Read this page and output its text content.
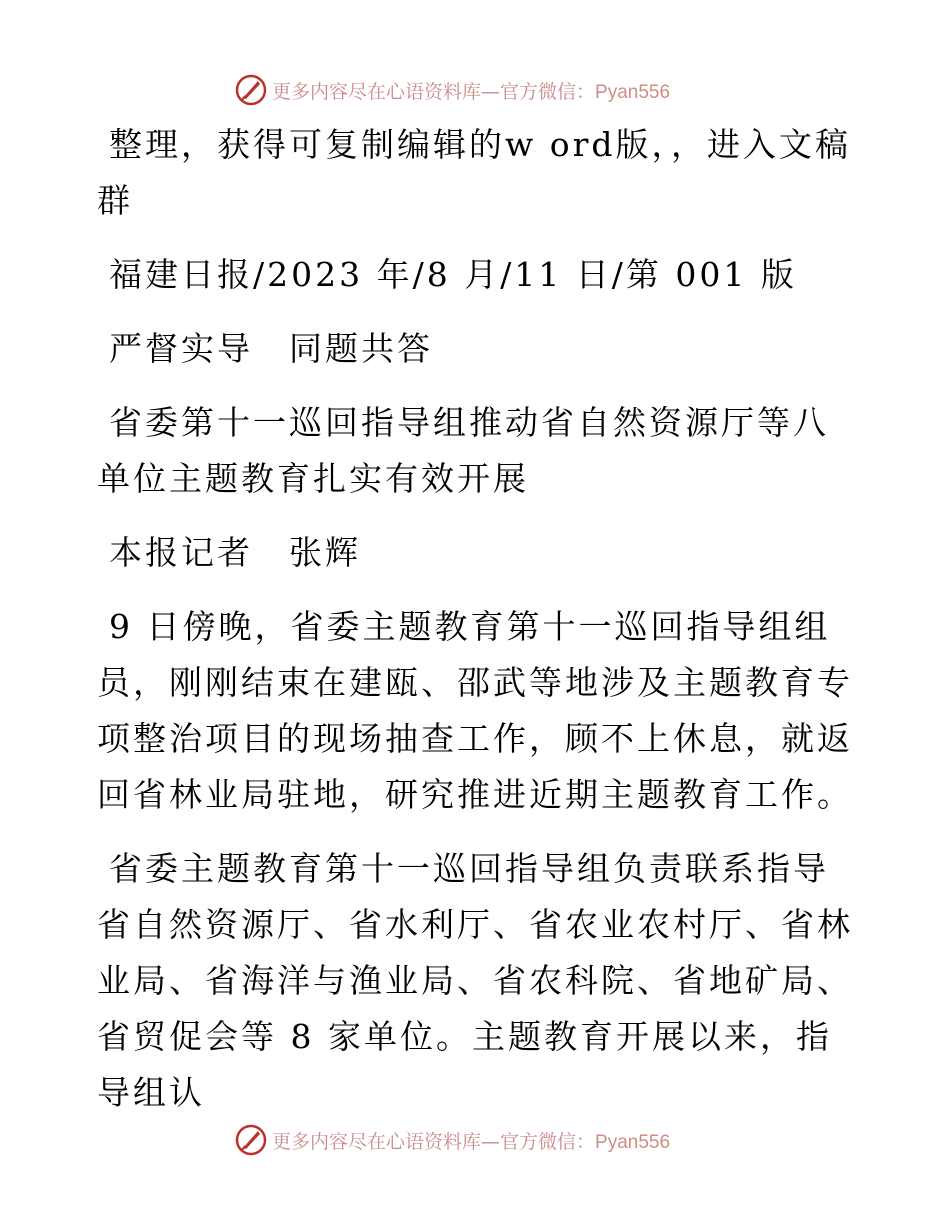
更多内容尽在心语资料库—官方微信：Pyan556

整理，获得可复制编辑的w ord版，，进入文稿群

福建日报/2023 年/8 月/11 日/第 001 版

严督实导　同题共答

省委第十一巡回指导组推动省自然资源厅等八单位主题教育扎实有效开展

本报记者　张辉

9 日傍晚，省委主题教育第十一巡回指导组组员，刚刚结束在建瓯、邵武等地涉及主题教育专项整治项目的现场抽查工作，顾不上休息，就返回省林业局驻地，研究推进近期主题教育工作。

省委主题教育第十一巡回指导组负责联系指导省自然资源厅、省水利厅、省农业农村厅、省林业局、省海洋与渔业局、省农科院、省地矿局、省贸促会等 8 家单位。主题教育开展以来，指导组认

更多内容尽在心语资料库—官方微信：Pyan556
